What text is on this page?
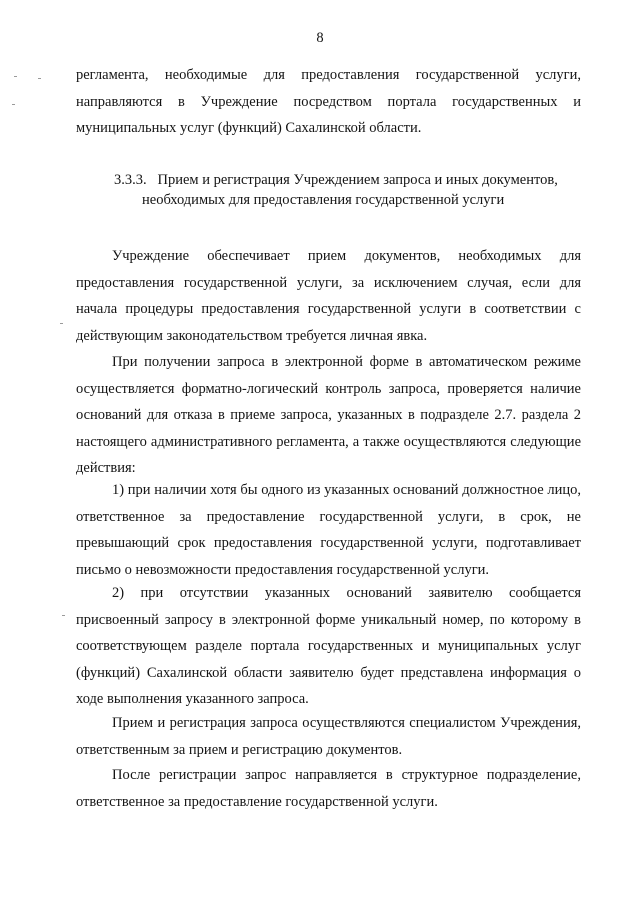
8

регламента, необходимые для предоставления государственной услуги, направляются в Учреждение посредством портала государственных и муниципальных услуг (функций) Сахалинской области.

3.3.3. Прием и регистрация Учреждением запроса и иных документов,
необходимых для предоставления государственной услуги

Учреждение обеспечивает прием документов, необходимых для предоставления государственной услуги, за исключением случая, если для начала процедуры предоставления государственной услуги в соответствии с действующим законодательством требуется личная явка.

При получении запроса в электронной форме в автоматическом режиме осуществляется форматно-логический контроль запроса, проверяется наличие оснований для отказа в приеме запроса, указанных в подразделе 2.7. раздела 2 настоящего административного регламента, а также осуществляются следующие действия:

1) при наличии хотя бы одного из указанных оснований должностное лицо, ответственное за предоставление государственной услуги, в срок, не превышающий срок предоставления государственной услуги, подготавливает письмо о невозможности предоставления государственной услуги.

2) при отсутствии указанных оснований заявителю сообщается присвоенный запросу в электронной форме уникальный номер, по которому в соответствующем разделе портала государственных и муниципальных услуг (функций) Сахалинской области заявителю будет представлена информация о ходе выполнения указанного запроса.

Прием и регистрация запроса осуществляются специалистом Учреждения, ответственным за прием и регистрацию документов.

После регистрации запрос направляется в структурное подразделение, ответственное за предоставление государственной услуги.
